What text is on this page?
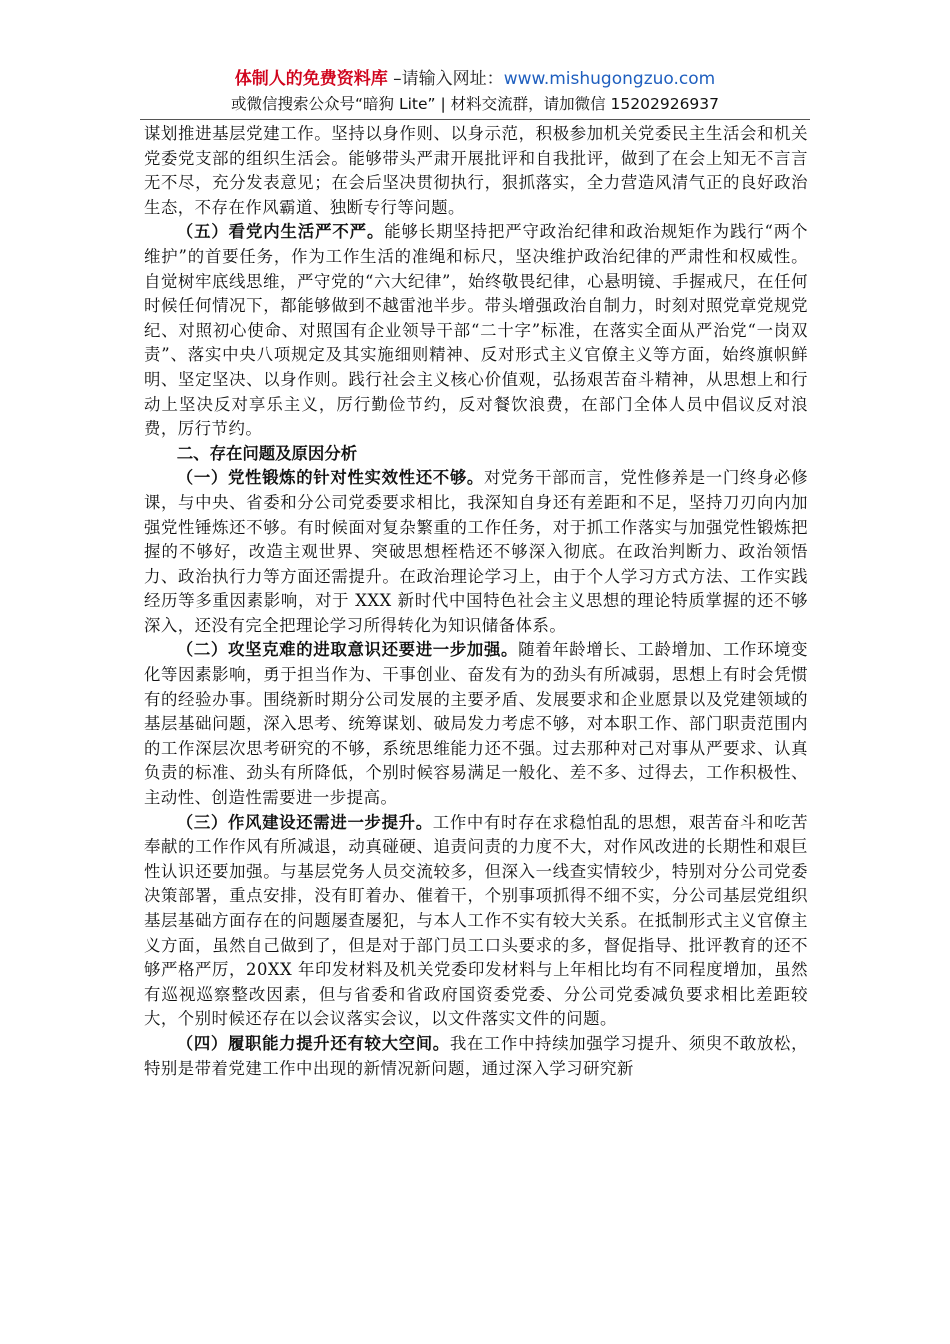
体制人的免费资料库 –请输入网址：www.mishugongzuo.com
或微信搜索公众号“暗狗 Lite” | 材料交流群，请加微信 15202926937

谋划推进基层党建工作。坚持以身作则、以身示范，积极参加机关党委民主生活会和机关党委党支部的组织生活会。能够带头严肃开展批评和自我批评，做到了在会上知无不言言无不尽，充分发表意见；在会后坚决贯彻执行，狠抓落实，全力营造风清气正的良好政治生态，不存在作风霸道、独断专行等问题。

（五）看党内生活严不严。能够长期坚持把严守政治纪律和政治规矩作为践行“两个维护”的首要任务，作为工作生活的准绳和标尺，坚决维护政治纪律的严肃性和权威性。自觉树牢底线思维，严守党的“六大纪律”，始终敬畏纪律，心悬明镜、手握戒尺，在任何时候任何情况下，都能够做到不越雷池半步。带头增强政治自制力，时刻对照党章党规党纪、对照初心使命、对照国有企业领导干部“二十字”标准，在落实全面从严治党“一岗双责”、落实中央八项规定及其实施细则精神、反对形式主义官僚主义等方面，始终旗帜鲜明、坚定坚决、以身作则。践行社会主义核心价值观，弘扬艰苦奋斗精神，从思想上和行动上坚决反对享乐主义，厉行勤俭节约，反对餐饮浪费，在部门全体人员中倡议反对浪费，厉行节约。

二、存在问题及原因分析

（一）党性锻炼的针对性实效性还不够。对党务干部而言，党性修养是一门终身必修课，与中央、省委和分公司党委要求相比，我深知自身还有差距和不足，坚持刀刃向内加强党性锤炼还不够。有时候面对复杂繁重的工作任务，对于抓工作落实与加强党性锻炼把握的不够好，改造主观世界、突破思想桎梏还不够深入彻底。在政治判断力、政治领悟力、政治执行力等方面还需提升。在政治理论学习上，由于个人学习方式方法、工作实践经历等多重因素影响，对于 XXX 新时代中国特色社会主义思想的理论特质掌握的还不够深入，还没有完全把理论学习所得转化为知识储备体系。

（二）攻坚克难的进取意识还要进一步加强。随着年龄增长、工龄增加、工作环境变化等因素影响，勇于担当作为、干事创业、奋发有为的劲头有所减弱，思想上有时会凭惯有的经验办事。围绕新时期分公司发展的主要矛盾、发展要求和企业愿景以及党建领域的基层基础问题，深入思考、统筹谋划、破局发力考虑不够，对本职工作、部门职责范围内的工作深层次思考研究的不够，系统思维能力还不强。过去那种对己对事从严要求、认真负责的标准、劲头有所降低，个别时候容易满足一般化、差不多、过得去，工作积极性、主动性、创造性需要进一步提高。

（三）作风建设还需进一步提升。工作中有时存在求稳怕乱的思想，艰苦奋斗和吃苦奉献的工作作风有所减退，动真碰硬、追责问责的力度不大，对作风改进的长期性和艰巨性认识还要加强。与基层党务人员交流较多，但深入一线查实情较少，特别对分公司党委决策部署，重点安排，没有盯着办、催着干，个别事项抓得不细不实，分公司基层党组织基层基础方面存在的问题屡查屡犯，与本人工作不实有较大关系。在抵制形式主义官僚主义方面，虽然自己做到了，但是对于部门员工口头要求的多，督促指导、批评教育的还不够严格严厉，20XX 年印发材料及机关党委印发材料与上年相比均有不同程度增加，虽然有巡视巡察整改因素，但与省委和省政府国资委党委、分公司党委减负要求相比差距较大，个别时候还存在以会议落实会议，以文件落实文件的问题。

（四）履职能力提升还有较大空间。我在工作中持续加强学习提升、须臾不敢放松，特别是带着党建工作中出现的新情况新问题，通过深入学习研究新
